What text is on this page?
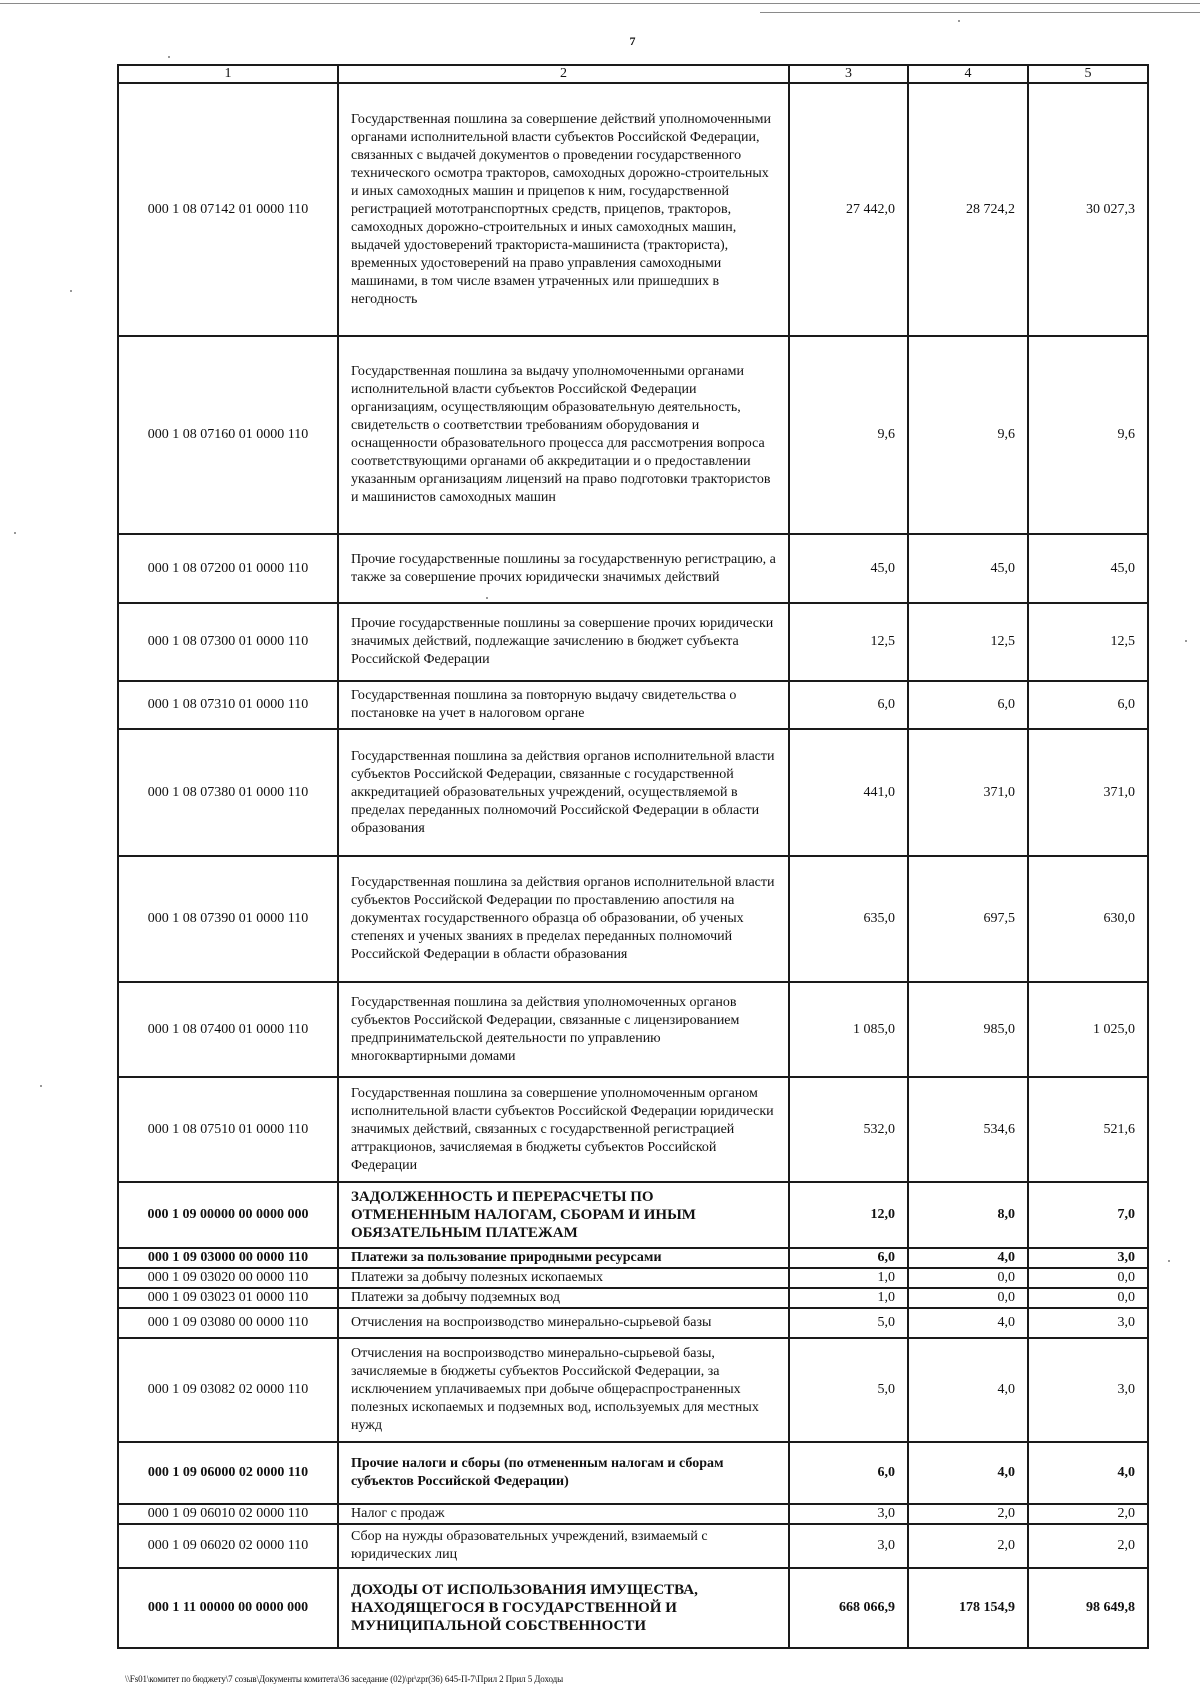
7
1	2	3	4	5
000 1 08 07142 01 0000 110	Государственная пошлина за совершение действий уполномоченными органами исполнительной власти субъектов Российской Федерации, связанных с выдачей документов о проведении государственного технического осмотра тракторов, самоходных дорожно-строительных и иных самоходных машин и прицепов к ним, государственной регистрацией мототранспортных средств, прицепов, тракторов, самоходных дорожно-строительных и иных самоходных машин, выдачей удостоверений тракториста-машиниста (тракториста), временных удостоверений на право управления самоходными машинами, в том числе взамен утраченных или пришедших в негодность	27 442,0	28 724,2	30 027,3
000 1 08 07160 01 0000 110	Государственная пошлина за выдачу уполномоченными органами исполнительной власти субъектов Российской Федерации организациям, осуществляющим образовательную деятельность, свидетельств о соответствии требованиям оборудования и оснащенности образовательного процесса для рассмотрения вопроса соответствующими органами об аккредитации и о предоставлении указанным организациям лицензий на право подготовки трактористов и машинистов самоходных машин	9,6	9,6	9,6
000 1 08 07200 01 0000 110	Прочие государственные пошлины за государственную регистрацию, а также за совершение прочих юридически значимых действий	45,0	45,0	45,0
000 1 08 07300 01 0000 110	Прочие государственные пошлины за совершение прочих юридически значимых действий, подлежащие зачислению в бюджет субъекта Российской Федерации	12,5	12,5	12,5
000 1 08 07310 01 0000 110	Государственная пошлина за повторную выдачу свидетельства о постановке на учет в налоговом органе	6,0	6,0	6,0
000 1 08 07380 01 0000 110	Государственная пошлина за действия органов исполнительной власти субъектов Российской Федерации, связанные с государственной аккредитацией образовательных учреждений, осуществляемой в пределах переданных полномочий Российской Федерации в области образования	441,0	371,0	371,0
000 1 08 07390 01 0000 110	Государственная пошлина за действия органов исполнительной власти субъектов Российской Федерации по проставлению апостиля на документах государственного образца об образовании, об ученых степенях и ученых званиях в пределах переданных полномочий Российской Федерации в области образования	635,0	697,5	630,0
000 1 08 07400 01 0000 110	Государственная пошлина за действия уполномоченных органов субъектов Российской Федерации, связанные с лицензированием предпринимательской деятельности по управлению многоквартирными домами	1 085,0	985,0	1 025,0
000 1 08 07510 01 0000 110	Государственная пошлина за совершение уполномоченным органом исполнительной власти субъектов Российской Федерации юридически значимых действий, связанных с государственной регистрацией аттракционов, зачисляемая в бюджеты субъектов Российской Федерации	532,0	534,6	521,6
000 1 09 00000 00 0000 000	ЗАДОЛЖЕННОСТЬ И ПЕРЕРАСЧЕТЫ ПО ОТМЕНЕННЫМ НАЛОГАМ, СБОРАМ И ИНЫМ ОБЯЗАТЕЛЬНЫМ ПЛАТЕЖАМ	12,0	8,0	7,0
000 1 09 03000 00 0000 110	Платежи за пользование природными ресурсами	6,0	4,0	3,0
000 1 09 03020 00 0000 110	Платежи за добычу полезных ископаемых	1,0	0,0	0,0
000 1 09 03023 01 0000 110	Платежи за добычу подземных вод	1,0	0,0	0,0
000 1 09 03080 00 0000 110	Отчисления на воспроизводство минерально-сырьевой базы	5,0	4,0	3,0
000 1 09 03082 02 0000 110	Отчисления на воспроизводство минерально-сырьевой базы, зачисляемые в бюджеты субъектов Российской Федерации, за исключением уплачиваемых при добыче общераспространенных полезных ископаемых и подземных вод, используемых для местных нужд	5,0	4,0	3,0
000 1 09 06000 02 0000 110	Прочие налоги и сборы (по отмененным налогам и сборам субъектов Российской Федерации)	6,0	4,0	4,0
000 1 09 06010 02 0000 110	Налог с продаж	3,0	2,0	2,0
000 1 09 06020 02 0000 110	Сбор на нужды образовательных учреждений, взимаемый с юридических лиц	3,0	2,0	2,0
000 1 11 00000 00 0000 000	ДОХОДЫ ОТ ИСПОЛЬЗОВАНИЯ ИМУЩЕСТВА, НАХОДЯЩЕГОСЯ В ГОСУДАРСТВЕННОЙ И МУНИЦИПАЛЬНОЙ СОБСТВЕННОСТИ	668 066,9	178 154,9	98 649,8
\\Fs01\комитет по бюджету\7 созыв\Документы комитета\36 заседание (02)\pr\zpr(36) 645-П-7\Прил 2 Прил 5 Доходы
